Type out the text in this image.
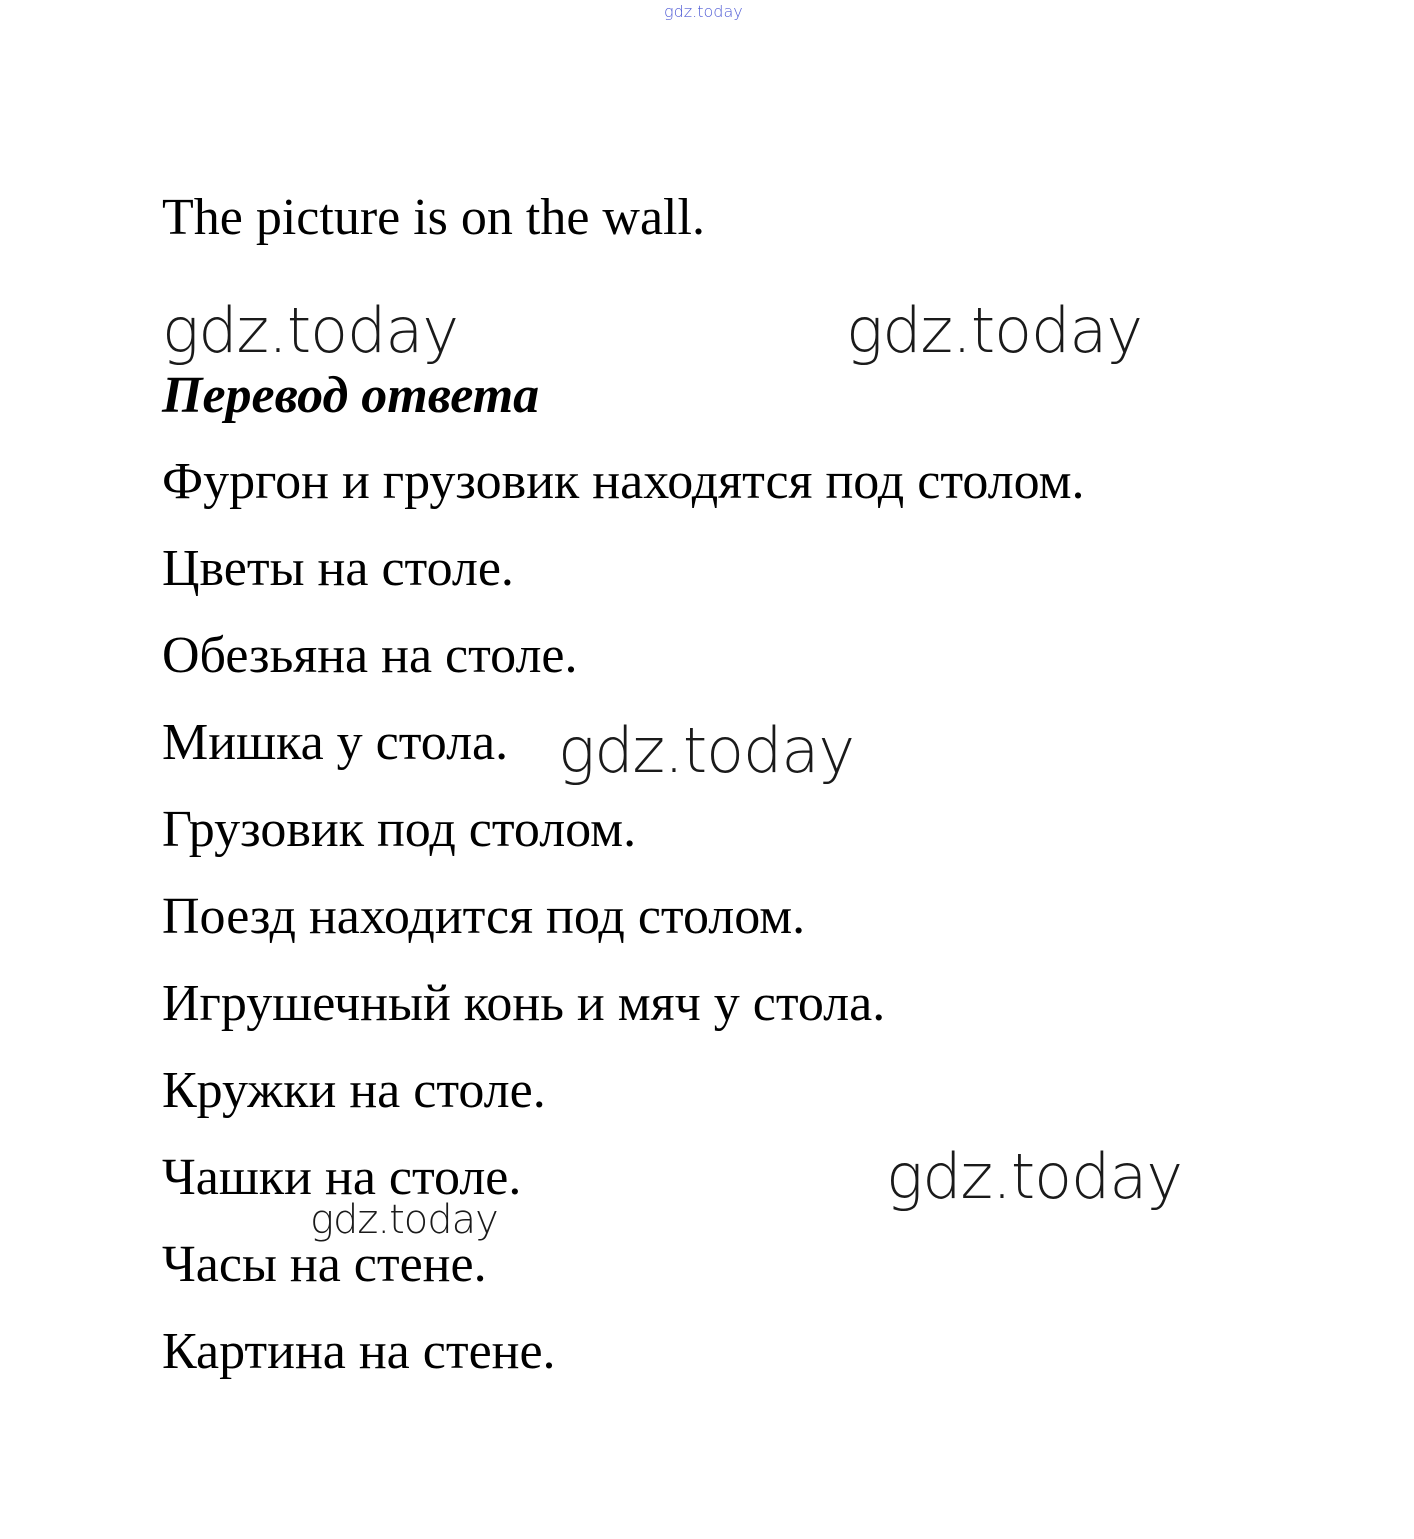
gdz.today

The picture is on the wall.

gdz.today	gdz.today

Перевод ответа

Фургон и грузовик находятся под столом.

Цветы на столе.

Обезьяна на столе.

Мишка у стола. gdz.today

Грузовик под столом.

Поезд находится под столом.

Игрушечный конь и мяч у стола.

Кружки на столе.

Чашки на столе.	gdz.today
gdz.today

Часы на стене.

Картина на стене.
